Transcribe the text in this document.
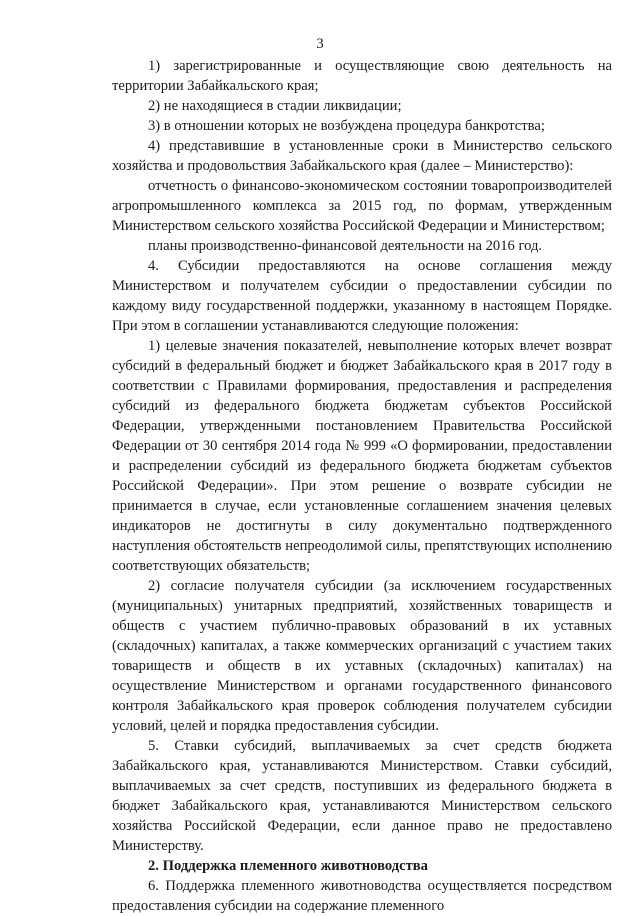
3

1) зарегистрированные и осуществляющие свою деятельность на территории Забайкальского края;

2) не находящиеся в стадии ликвидации;

3) в отношении которых не возбуждена процедура банкротства;

4) представившие в установленные сроки в Министерство сельского хозяйства и продовольствия Забайкальского края (далее – Министерство):

отчетность о финансово-экономическом состоянии товаропроизводителей агропромышленного комплекса за 2015 год, по формам, утвержденным Министерством сельского хозяйства Российской Федерации и Министерством;

планы производственно-финансовой деятельности на 2016 год.

4. Субсидии предоставляются на основе соглашения между Министерством и получателем субсидии о предоставлении субсидии по каждому виду государственной поддержки, указанному в настоящем Порядке. При этом в соглашении устанавливаются следующие положения:

1) целевые значения показателей, невыполнение которых влечет возврат субсидий в федеральный бюджет и бюджет Забайкальского края в 2017 году в соответствии с Правилами формирования, предоставления и распределения субсидий из федерального бюджета бюджетам субъектов Российской Федерации, утвержденными постановлением Правительства Российской Федерации от 30 сентября 2014 года № 999 «О формировании, предоставлении и распределении субсидий из федерального бюджета бюджетам субъектов Российской Федерации». При этом решение о возврате субсидии не принимается в случае, если установленные соглашением значения целевых индикаторов не достигнуты в силу документально подтвержденного наступления обстоятельств непреодолимой силы, препятствующих исполнению соответствующих обязательств;

2) согласие получателя субсидии (за исключением государственных (муниципальных) унитарных предприятий, хозяйственных товариществ и обществ с участием публично-правовых образований в их уставных (складочных) капиталах, а также коммерческих организаций с участием таких товариществ и обществ в их уставных (складочных) капиталах) на осуществление Министерством и органами государственного финансового контроля Забайкальского края проверок соблюдения получателем субсидии условий, целей и порядка предоставления субсидии.

5. Ставки субсидий, выплачиваемых за счет средств бюджета Забайкальского края, устанавливаются Министерством. Ставки субсидий, выплачиваемых за счет средств, поступивших из федерального бюджета в бюджет Забайкальского края, устанавливаются Министерством сельского хозяйства Российской Федерации, если данное право не предоставлено Министерству.

2. Поддержка племенного животноводства

6. Поддержка племенного животноводства осуществляется посредством предоставления субсидии на содержание племенного
